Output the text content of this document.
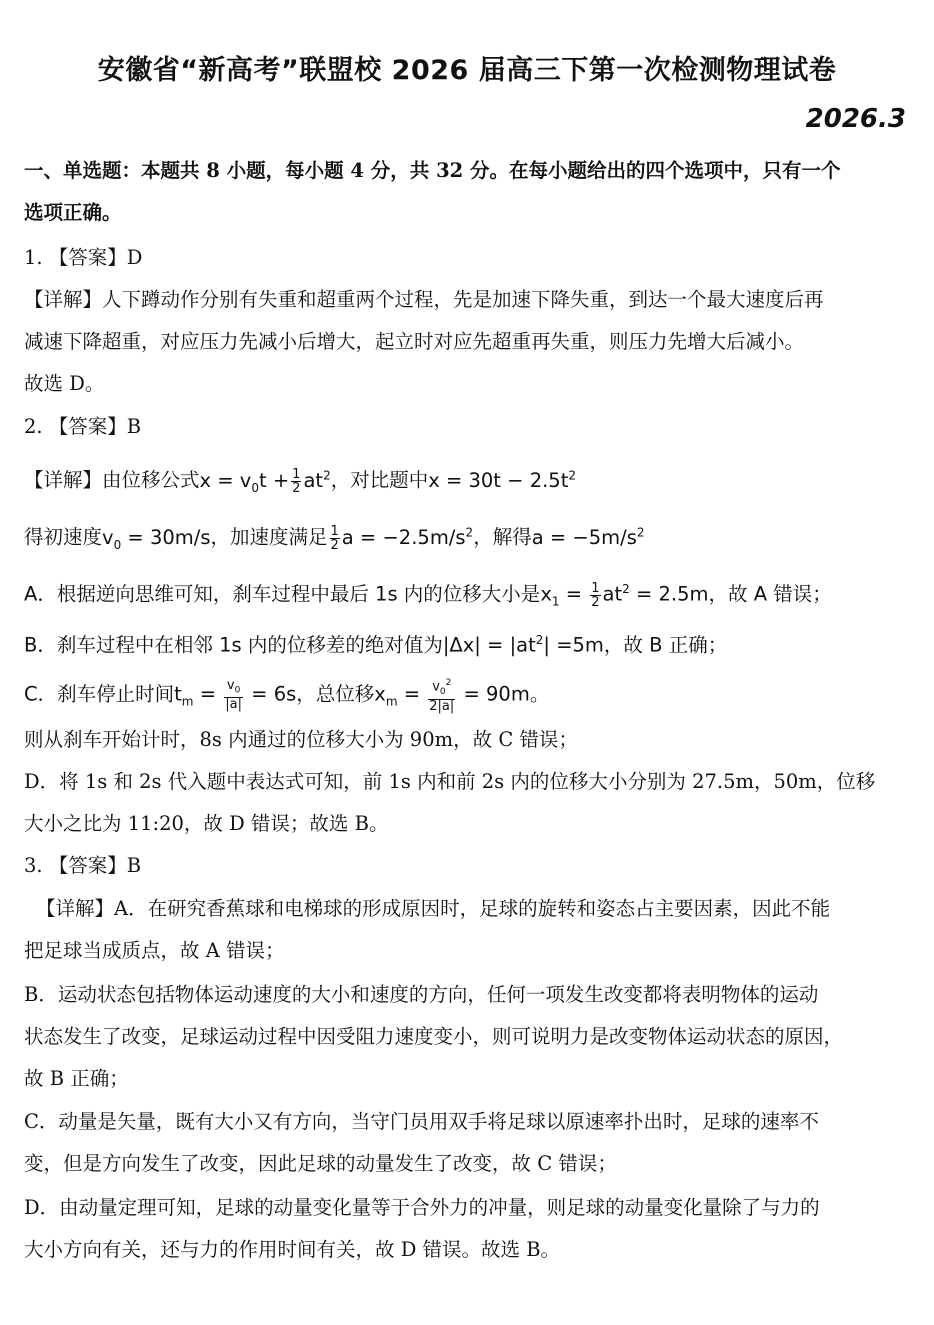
安徽省“新高考”联盟校 2026 届高三下第一次检测物理试卷
2026.3
一、单选题：本题共 8 小题，每小题 4 分，共 32 分。在每小题给出的四个选项中，只有一个
选项正确。
1. 【答案】D
【详解】人下蹲动作分别有失重和超重两个过程，先是加速下降失重，到达一个最大速度后再
减速下降超重，对应压力先减小后增大，起立时对应先超重再失重，则压力先增大后减小。
故选 D。
2. 【答案】B
【详解】由位移公式$x = v_0t + \frac{1}{2} at^2$，对比题中$x = 30t - 2.5t^2$
得初速度$v_0 = 30m/s$，加速度满足 $\frac{1}{2}$ $a = -2.5m/s^2$，解得$a = -5m/s^2$
A．根据逆向思维可知，刹车过程中最后 1s 内的位移大小是$x_1 = \frac{1}{2} at^2 = 2.5m$，故 A 错误；
B．刹车过程中在相邻 1s 内的位移差的绝对值为$|\Delta x| = |at^2| =5m$，故 B 正确；
C．刹车停止时间$t_m = \frac{v_0}{|a|} = 6s$，总位移$x_m = \frac{v_0^2}{2|a|} = 90m$。
则从刹车开始计时，8s 内通过的位移大小为 90m，故 C 错误；
D．将 1s 和 2s 代入题中表达式可知，前 1s 内和前 2s 内的位移大小分别为 27.5m，50m，位移
大小之比为 11:20，故 D 错误；故选 B。
3. 【答案】B
【详解】A．在研究香蕉球和电梯球的形成原因时，足球的旋转和姿态占主要因素，因此不能
把足球当成质点，故 A 错误；
B．运动状态包括物体运动速度的大小和速度的方向，任何一项发生改变都将表明物体的运动
状态发生了改变，足球运动过程中因受阻力速度变小，则可说明力是改变物体运动状态的原因，
故 B 正确；
C．动量是矢量，既有大小又有方向，当守门员用双手将足球以原速率扑出时，足球的速率不
变，但是方向发生了改变，因此足球的动量发生了改变，故 C 错误；
D．由动量定理可知，足球的动量变化量等于合外力的冲量，则足球的动量变化量除了与力的
大小方向有关，还与力的作用时间有关，故 D 错误。故选 B。
